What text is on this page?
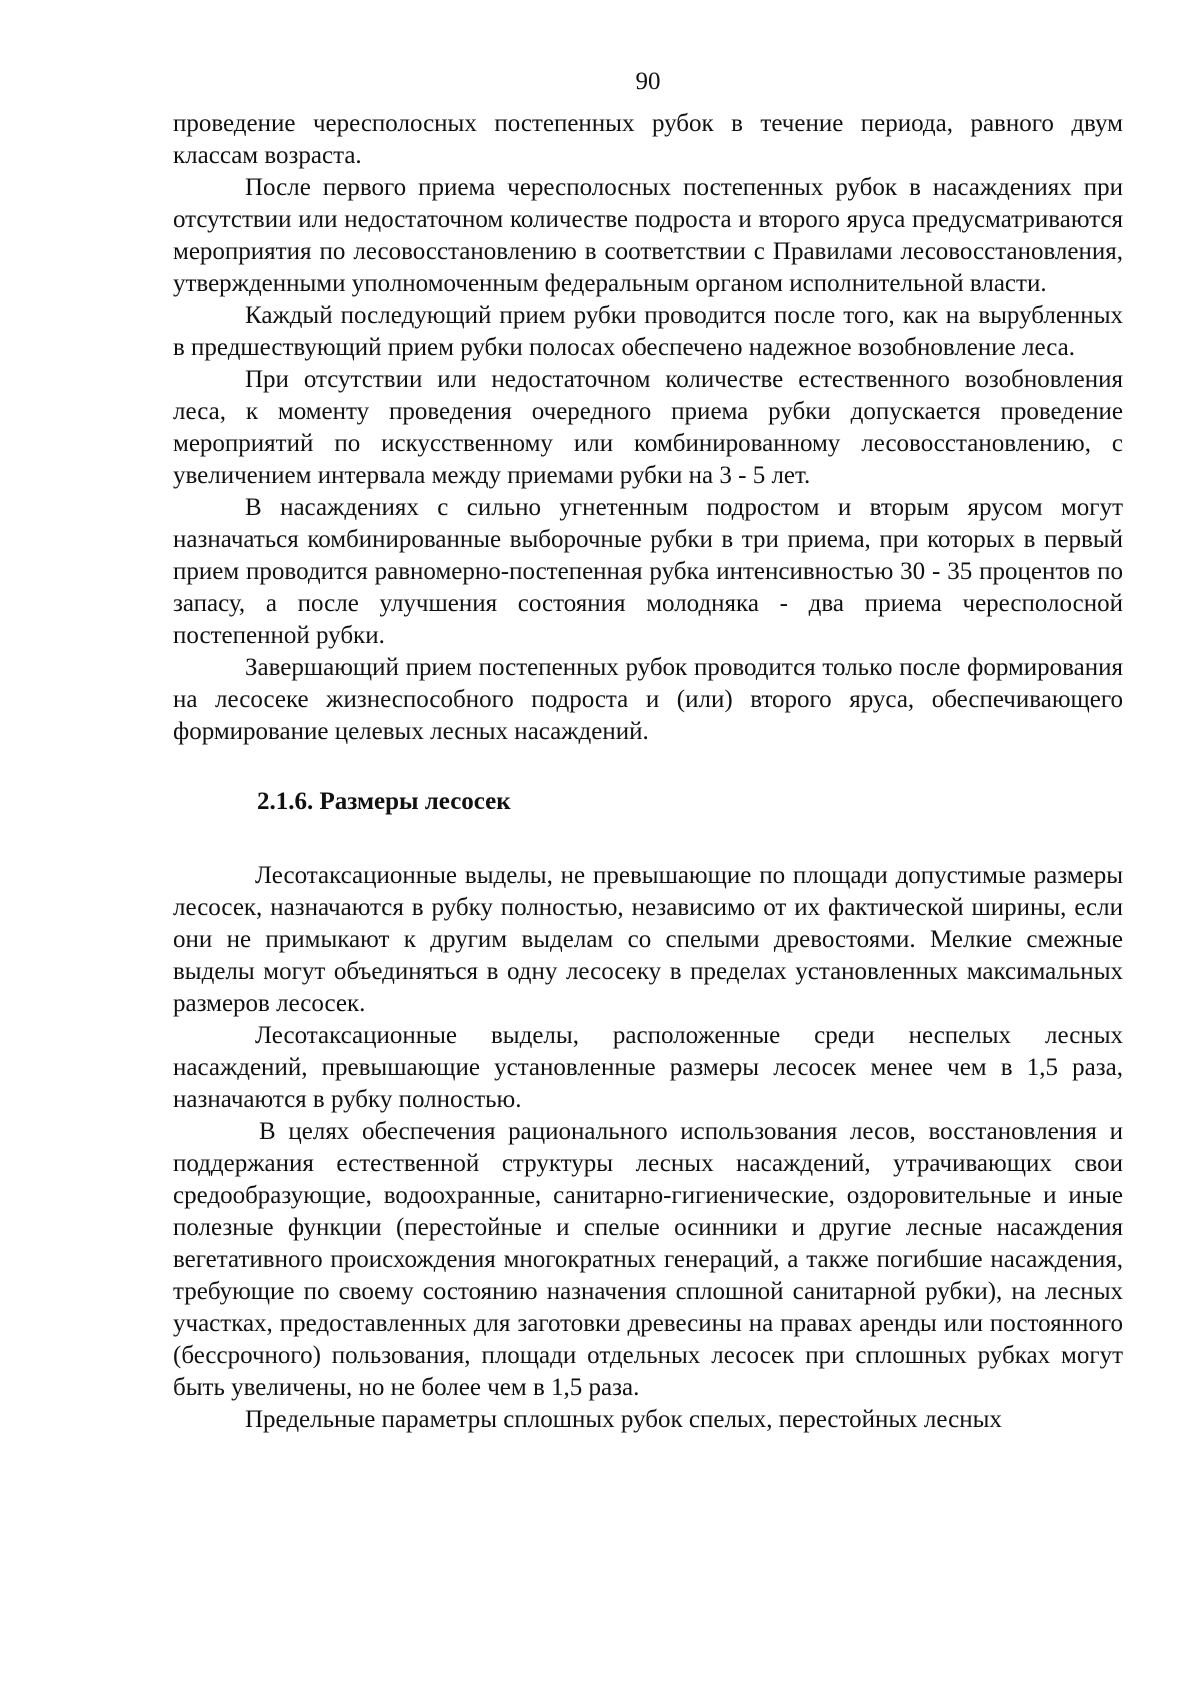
90

проведение чересполосных постепенных рубок в течение периода, равного двум классам возраста.

После первого приема чересполосных постепенных рубок в насаждениях при отсутствии или недостаточном количестве подроста и второго яруса предусматриваются мероприятия по лесовосстановлению в соответствии с Правилами лесовосстановления, утвержденными уполномоченным федеральным органом исполнительной власти.

Каждый последующий прием рубки проводится после того, как на вырубленных в предшествующий прием рубки полосах обеспечено надежное возобновление леса.

При отсутствии или недостаточном количестве естественного возобновления леса, к моменту проведения очередного приема рубки допускается проведение мероприятий по искусственному или комбинированному лесовосстановлению, с увеличением интервала между приемами рубки на 3 - 5 лет.

В насаждениях с сильно угнетенным подростом и вторым ярусом могут назначаться комбинированные выборочные рубки в три приема, при которых в первый прием проводится равномерно-постепенная рубка интенсивностью 30 - 35 процентов по запасу, а после улучшения состояния молодняка - два приема чересполосной постепенной рубки.

Завершающий прием постепенных рубок проводится только после формирования на лесосеке жизнеспособного подроста и (или) второго яруса, обеспечивающего формирование целевых лесных насаждений.

2.1.6. Размеры лесосек

Лесотаксационные выделы, не превышающие по площади допустимые размеры лесосек, назначаются в рубку полностью, независимо от их фактической ширины, если они не примыкают к другим выделам со спелыми древостоями. Мелкие смежные выделы могут объединяться в одну лесосеку в пределах установленных максимальных размеров лесосек.

Лесотаксационные выделы, расположенные среди неспелых лесных насаждений, превышающие установленные размеры лесосек менее чем в 1,5 раза, назначаются в рубку полностью.

В целях обеспечения рационального использования лесов, восстановления и поддержания естественной структуры лесных насаждений, утрачивающих свои средообразующие, водоохранные, санитарно-гигиенические, оздоровительные и иные полезные функции (перестойные и спелые осинники и другие лесные насаждения вегетативного происхождения многократных генераций, а также погибшие насаждения, требующие по своему состоянию назначения сплошной санитарной рубки), на лесных участках, предоставленных для заготовки древесины на правах аренды или постоянного (бессрочного) пользования, площади отдельных лесосек при сплошных рубках могут быть увеличены, но не более чем в 1,5 раза.

Предельные параметры сплошных рубок спелых, перестойных лесных
